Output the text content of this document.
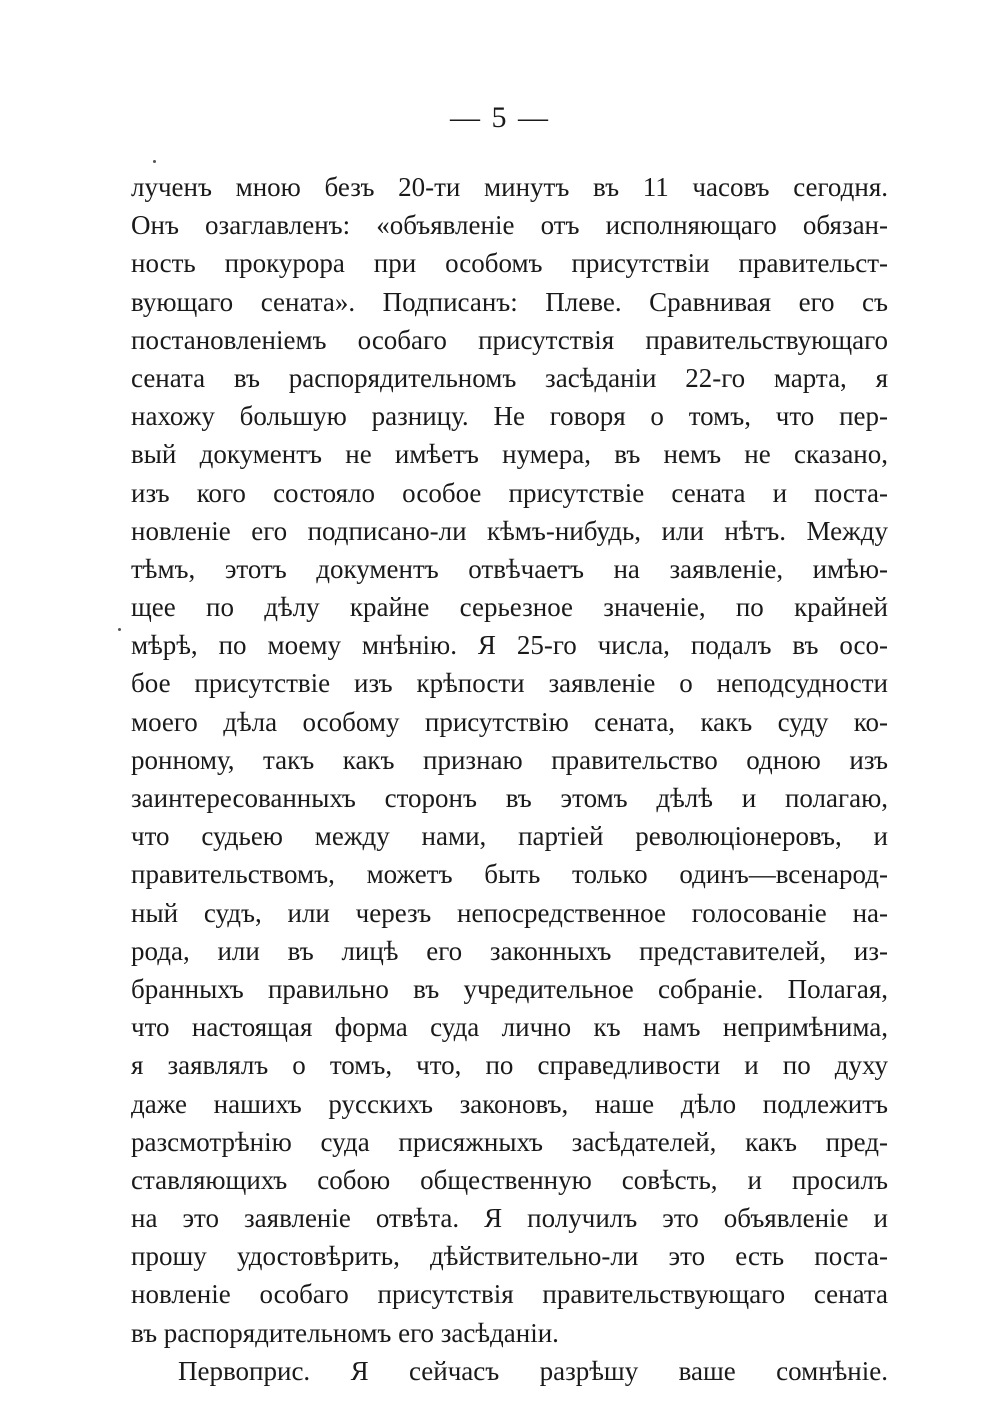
— 5 —
лученъ мною безъ 20-ти минутъ въ 11 часовъ сегодня.
Онъ озаглавленъ: «объявленіе отъ исполняющаго обязан-
ность прокурора при особомъ присутствіи правительст-
вующаго сената». Подписанъ: Плеве. Сравнивая его съ
постановленіемъ особаго присутствія правительствующаго
сената въ распорядительномъ засѣданіи 22-го марта, я
нахожу большую разницу. Не говоря о томъ, что пер-
вый документъ не имѣетъ нумера, въ немъ не сказано,
изъ кого состояло особое присутствіе сената и поста-
новленіе его подписано-ли кѣмъ-нибудь, или нѣтъ. Между
тѣмъ, этотъ документъ отвѣчаетъ на заявленіе, имѣю-
щее по дѣлу крайне серьезное значеніе, по крайней
мѣрѣ, по моему мнѣнію. Я 25-го числа, подалъ въ осо-
бое присутствіе изъ крѣпости заявленіе о неподсудности
моего дѣла особому присутствію сената, какъ суду ко-
ронному, такъ какъ признаю правительство одною изъ
заинтересованныхъ сторонъ въ этомъ дѣлѣ и полагаю,
что судьею между нами, партіей революціонеровъ, и
правительствомъ, можетъ быть только одинъ—всенарод-
ный судъ, или черезъ непосредственное голосованіе на-
рода, или въ лицѣ его законныхъ представителей, из-
бранныхъ правильно въ учредительное собраніе. Полагая,
что настоящая форма суда лично къ намъ непримѣнима,
я заявлялъ о томъ, что, по справедливости и по духу
даже нашихъ русскихъ законовъ, наше дѣло подлежитъ
разсмотрѣнію суда присяжныхъ засѣдателей, какъ пред-
ставляющихъ собою общественную совѣсть, и просилъ
на это заявленіе отвѣта. Я получилъ это объявленіе и
прошу удостовѣрить, дѣйствительно-ли это есть поста-
новленіе особаго присутствія правительствующаго сената
въ распорядительномъ его засѣданіи.
Первоприс. Я сейчасъ разрѣшу ваше сомнѣніе.
